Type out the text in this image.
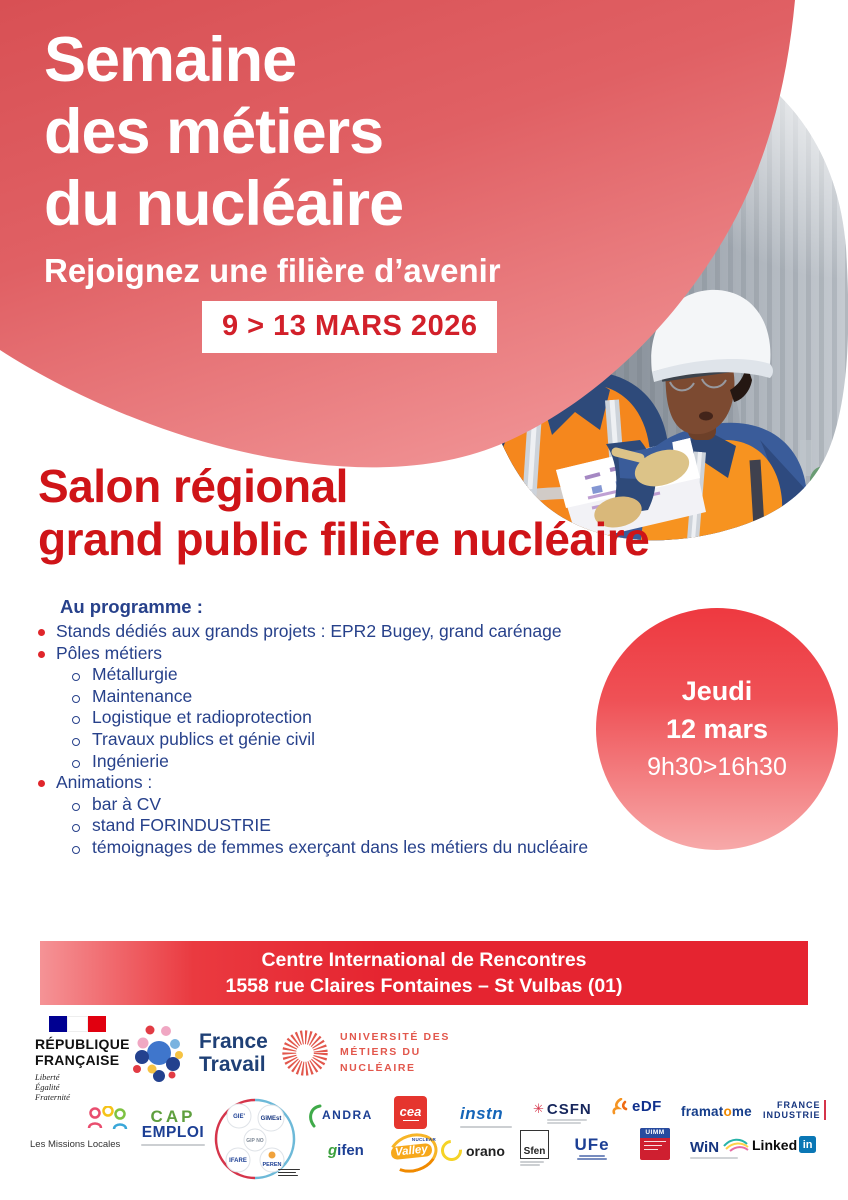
Semaine
des métiers
du nucléaire
Rejoignez une filière d’avenir
9 > 13 MARS 2026
Salon régional
grand public filière nucléaire
Au programme :
Stands dédiés aux grands projets : EPR2 Bugey, grand carénage
Pôles métiers
Métallurgie
Maintenance
Logistique et radioprotection
Travaux publics et génie civil
Ingénierie
Animations :
bar à CV
stand FORINDUSTRIE
témoignages de femmes exerçant dans les métiers du nucléaire
Jeudi
12 mars
9h30>16h30
Centre International de Rencontres
1558 rue Claires Fontaines – St Vulbas (01)
RÉPUBLIQUE
FRANÇAISE
Liberté
Égalité
Fraternité
France
Travail
UNIVERSITÉ DES
MÉTIERS DU
NUCLÉAIRE
Les Missions Locales
CAP
EMPLOI
GIE'	GîMEst
GIP NO
IFARE
PEREN
ANDRA
gifen
cea
NUCLEAR
Valley
instn
orano
✳ CSFN
Sfen
eDF
UFe
framatome
UIMM
FRANCE
INDUSTRIE
WiN	Linked in
